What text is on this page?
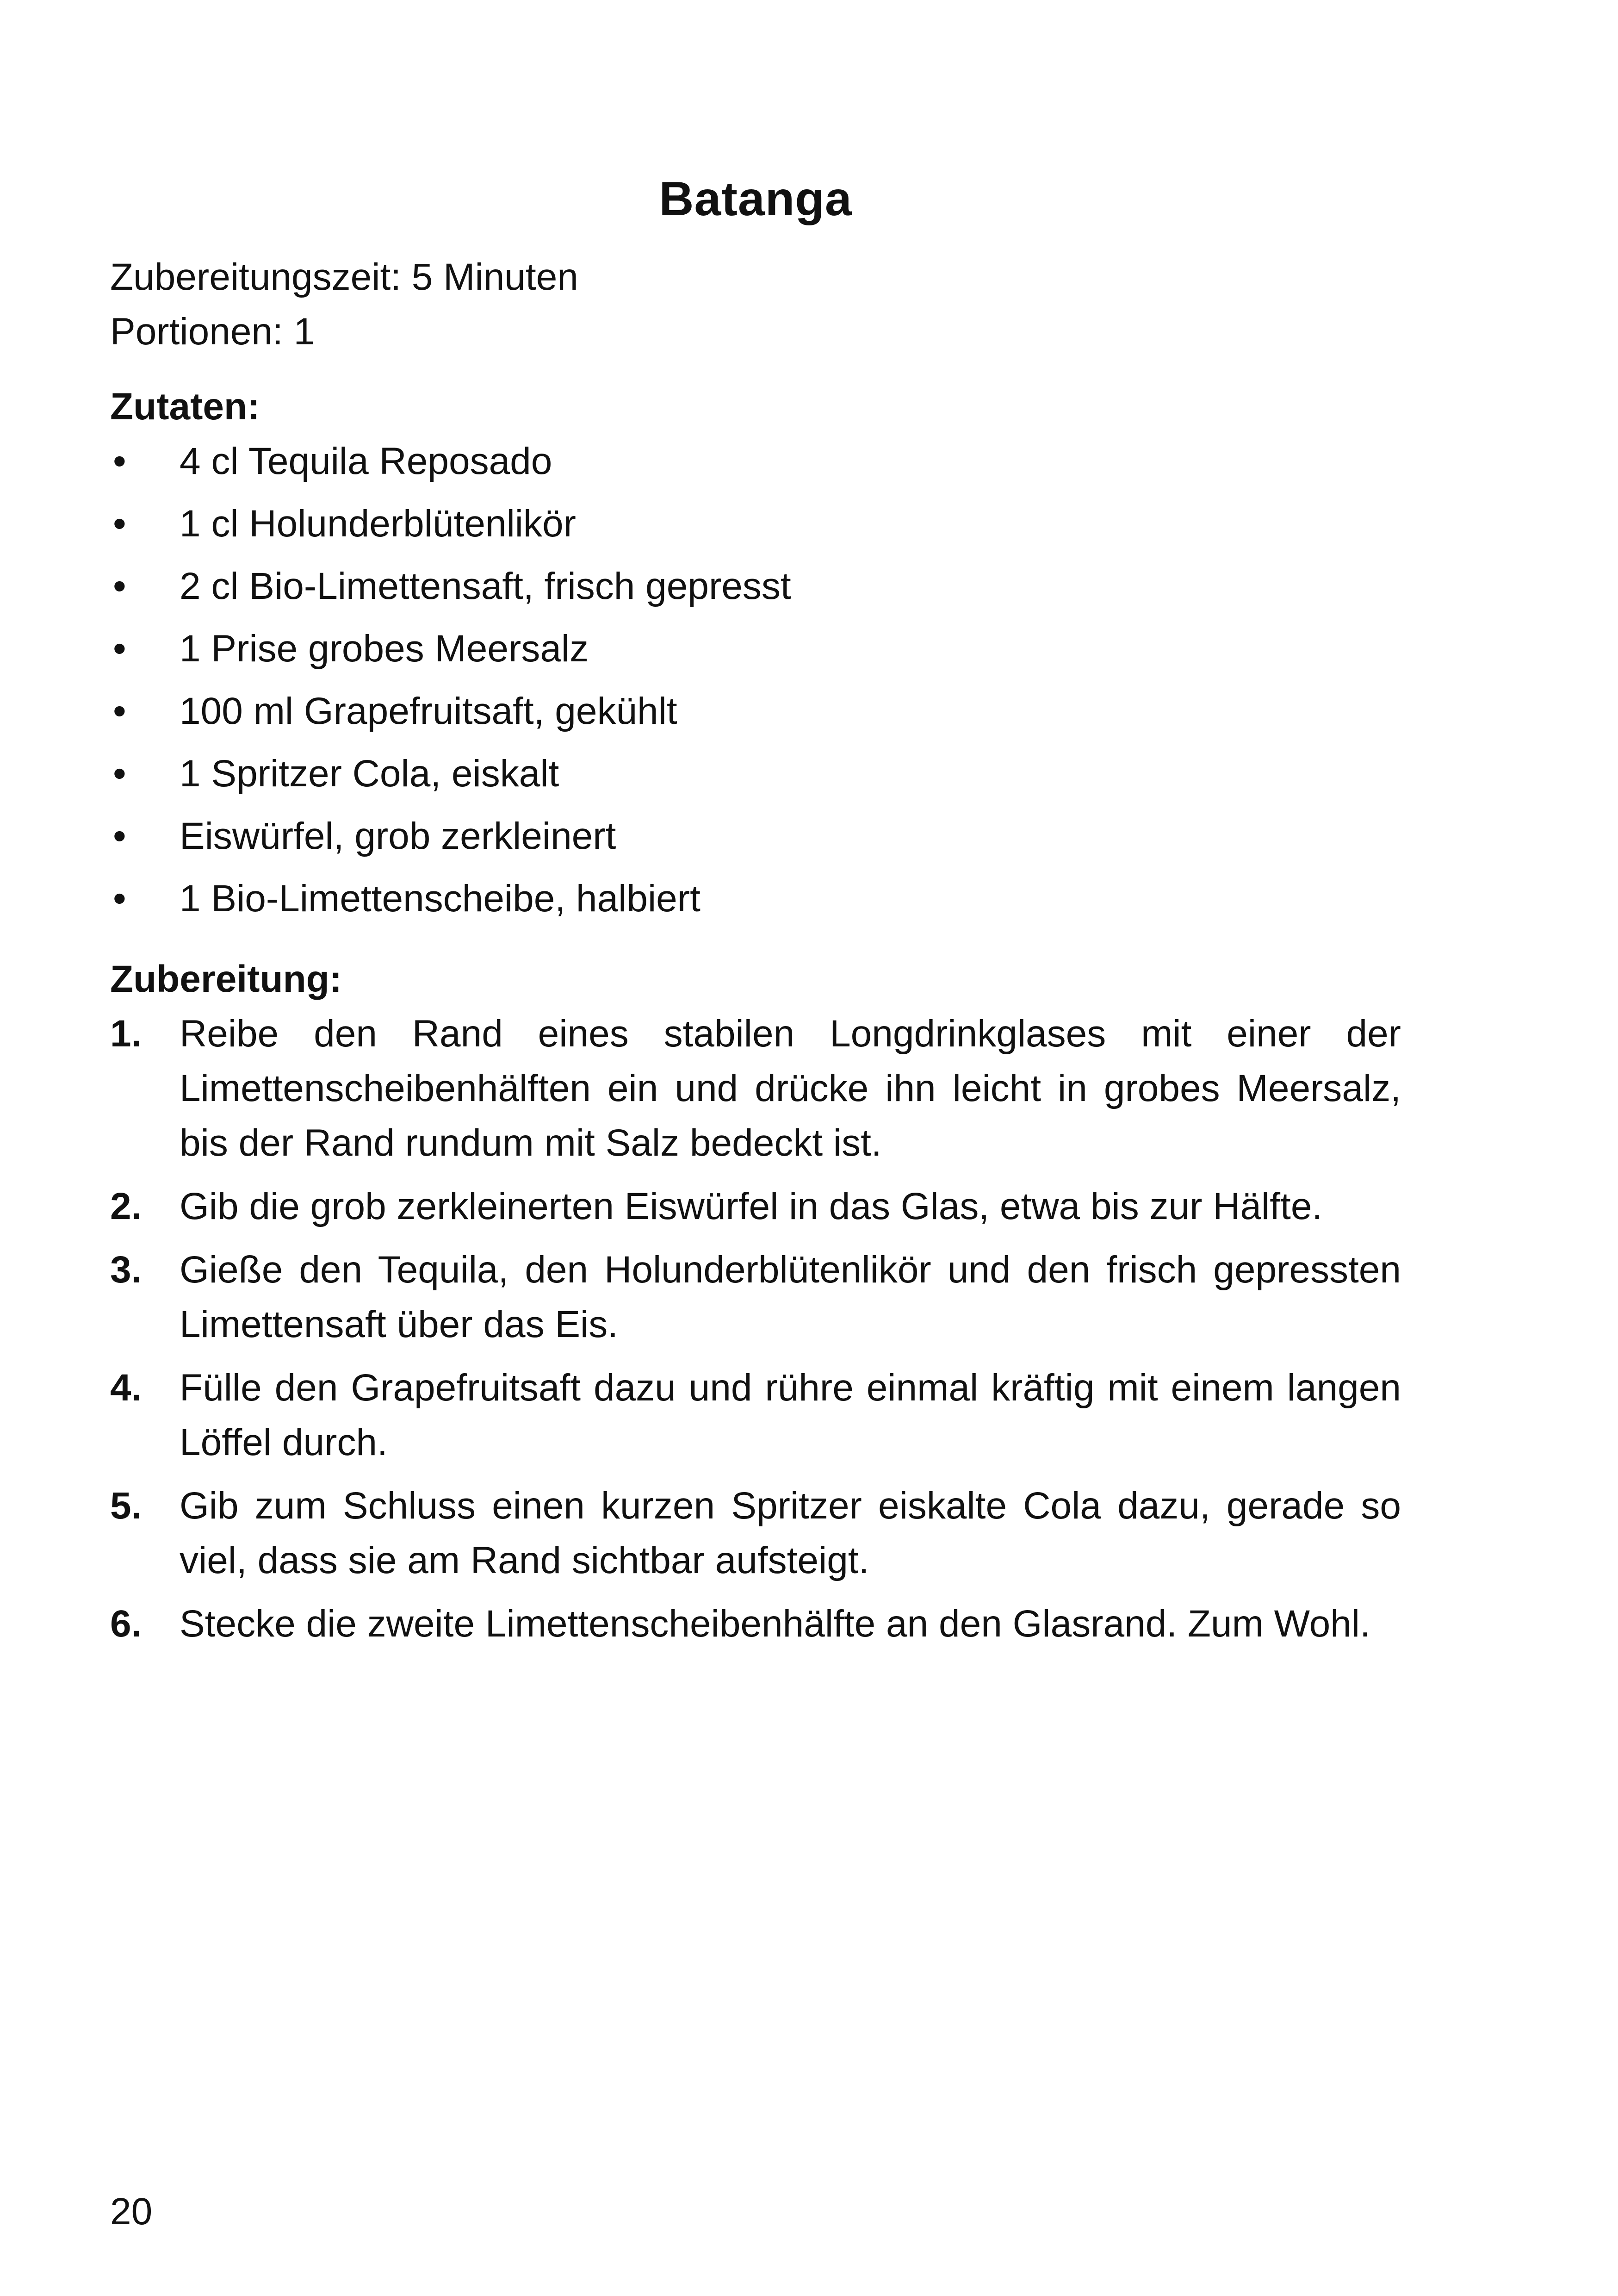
Batanga

Zubereitungszeit: 5 Minuten

Portionen: 1

Zutaten:

•	4 cl Tequila Reposado
•	1 cl Holunderblütenlikör
•	2 cl Bio-Limettensaft, frisch gepresst
•	1 Prise grobes Meersalz
•	100 ml Grapefruitsaft, gekühlt
•	1 Spritzer Cola, eiskalt
•	Eiswürfel, grob zerkleinert
•	1 Bio-Limettenscheibe, halbiert

Zubereitung:

1. Reibe den Rand eines stabilen Longdrinkglases mit einer der Limettenscheibenhälften ein und drücke ihn leicht in grobes Meersalz, bis der Rand rundum mit Salz bedeckt ist.
2. Gib die grob zerkleinerten Eiswürfel in das Glas, etwa bis zur Hälfte.
3. Gieße den Tequila, den Holunderblütenlikör und den frisch gepressten Limettensaft über das Eis.
4. Fülle den Grapefruitsaft dazu und rühre einmal kräftig mit einem langen Löffel durch.
5. Gib zum Schluss einen kurzen Spritzer eiskalte Cola dazu, gerade so viel, dass sie am Rand sichtbar aufsteigt.
6. Stecke die zweite Limettenscheibenhälfte an den Glasrand. Zum Wohl.
20
